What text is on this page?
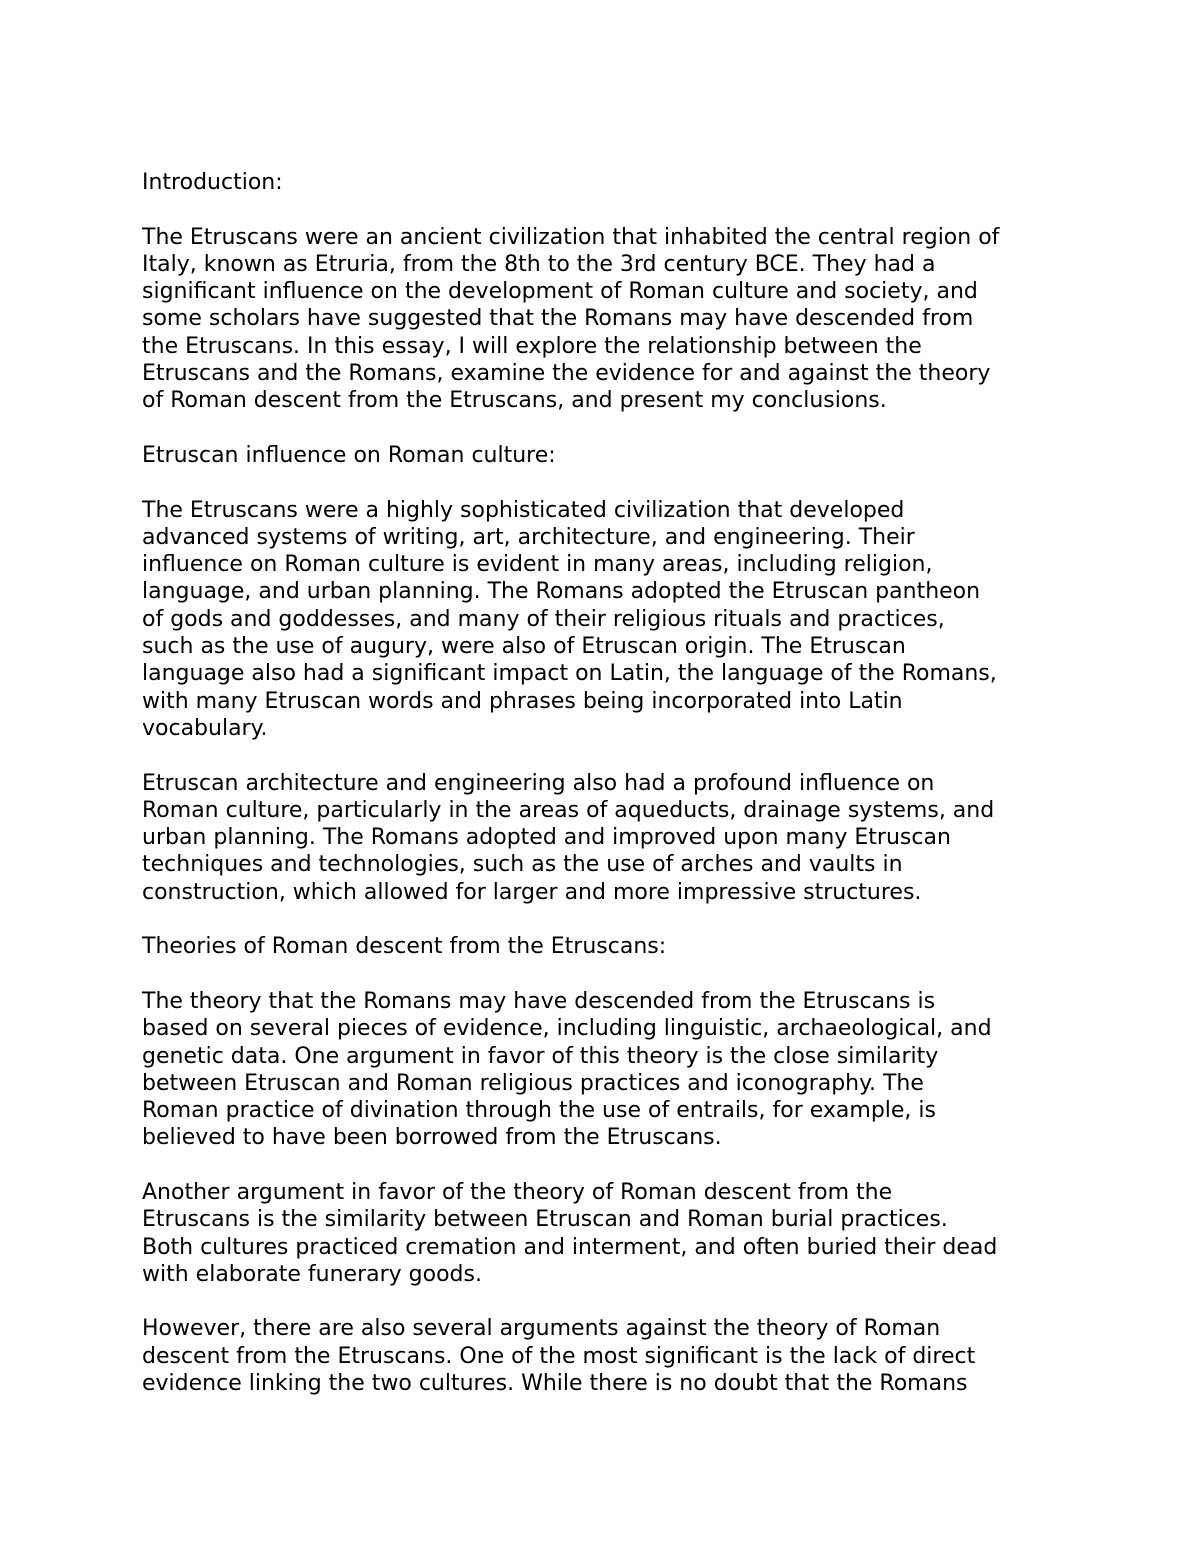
Introduction:

The Etruscans were an ancient civilization that inhabited the central region of
Italy, known as Etruria, from the 8th to the 3rd century BCE. They had a
significant influence on the development of Roman culture and society, and
some scholars have suggested that the Romans may have descended from
the Etruscans. In this essay, I will explore the relationship between the
Etruscans and the Romans, examine the evidence for and against the theory
of Roman descent from the Etruscans, and present my conclusions.

Etruscan influence on Roman culture:

The Etruscans were a highly sophisticated civilization that developed
advanced systems of writing, art, architecture, and engineering. Their
influence on Roman culture is evident in many areas, including religion,
language, and urban planning. The Romans adopted the Etruscan pantheon
of gods and goddesses, and many of their religious rituals and practices,
such as the use of augury, were also of Etruscan origin. The Etruscan
language also had a significant impact on Latin, the language of the Romans,
with many Etruscan words and phrases being incorporated into Latin
vocabulary.

Etruscan architecture and engineering also had a profound influence on
Roman culture, particularly in the areas of aqueducts, drainage systems, and
urban planning. The Romans adopted and improved upon many Etruscan
techniques and technologies, such as the use of arches and vaults in
construction, which allowed for larger and more impressive structures.

Theories of Roman descent from the Etruscans:

The theory that the Romans may have descended from the Etruscans is
based on several pieces of evidence, including linguistic, archaeological, and
genetic data. One argument in favor of this theory is the close similarity
between Etruscan and Roman religious practices and iconography. The
Roman practice of divination through the use of entrails, for example, is
believed to have been borrowed from the Etruscans.

Another argument in favor of the theory of Roman descent from the
Etruscans is the similarity between Etruscan and Roman burial practices.
Both cultures practiced cremation and interment, and often buried their dead
with elaborate funerary goods.

However, there are also several arguments against the theory of Roman
descent from the Etruscans. One of the most significant is the lack of direct
evidence linking the two cultures. While there is no doubt that the Romans
